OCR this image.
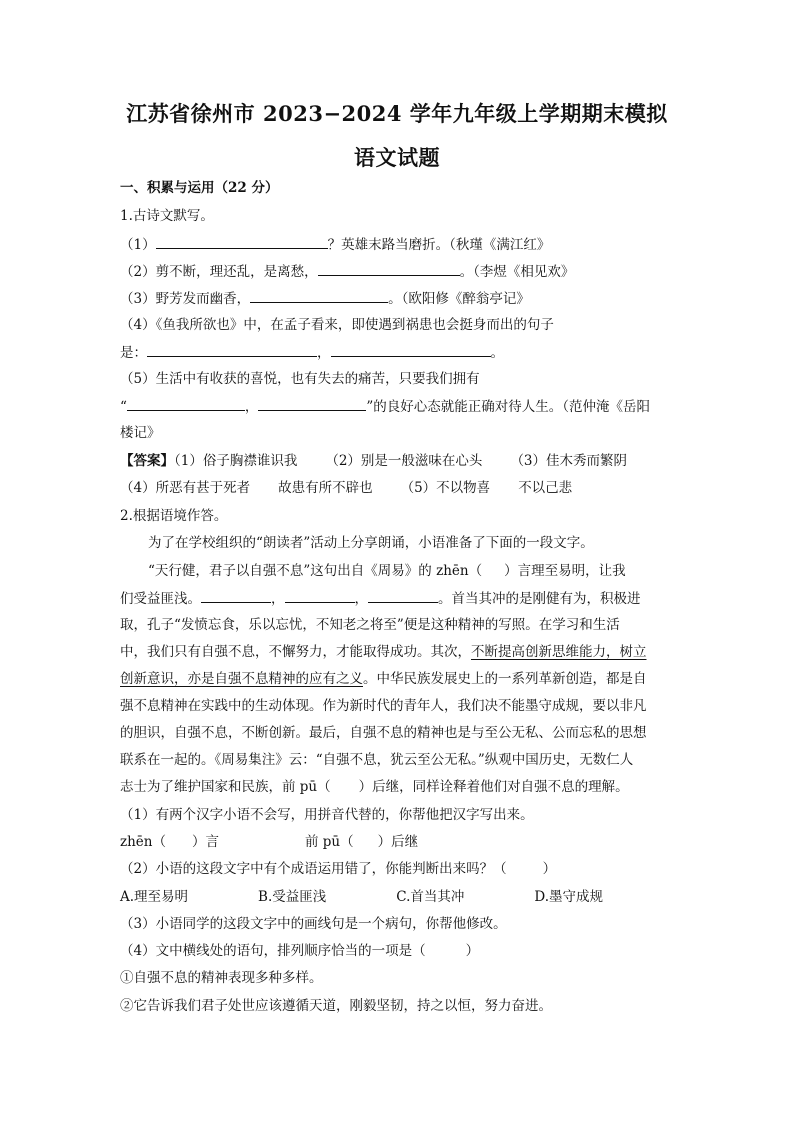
江苏省徐州市 2023−2024 学年九年级上学期期末模拟
语文试题
一、积累与运用（22 分）
1.古诗文默写。
（1）	？英雄末路当磨折。（秋瑾《满江红》
（2）剪不断，理还乱，是离愁，	。（李煜《相见欢》
（3）野芳发而幽香，	。（欧阳修《醉翁亭记》
（4）《鱼我所欲也》中，在孟子看来，即使遇到祸患也会挺身而出的句子
是：	，	。
（5）生活中有收获的喜悦，也有失去的痛苦，只要我们拥有
“	，	”的良好心态就能正确对待人生。（范仲淹《岳阳
楼记》
【答案】（1）俗子胸襟谁识我 （2）别是一般滋味在心头 （3）佳木秀而繁阴
（4）所恶有甚于死者 故患有所不辟也 （5）不以物喜 不以己悲
2.根据语境作答。
为了在学校组织的“朗读者”活动上分享朗诵，小语准备了下面的一段文字。
“天行健，君子以自强不息”这句出自《周易》的 zhēn（ ）言理至易明，让我
们受益匪浅。	，	，	。首当其冲的是刚健有为，积极进
取，孔子“发愤忘食，乐以忘忧，不知老之将至”便是这种精神的写照。在学习和生活
中，我们只有自强不息，不懈努力，才能取得成功。其次，不断提高创新思维能力，树立
创新意识，亦是自强不息精神的应有之义。中华民族发展史上的一系列革新创造，都是自
强不息精神在实践中的生动体现。作为新时代的青年人，我们决不能墨守成规，要以非凡
的胆识，自强不息，不断创新。最后，自强不息的精神也是与至公无私、公而忘私的思想
联系在一起的。《周易集注》云：“自强不息，犹云至公无私。”纵观中国历史，无数仁人
志士为了维护国家和民族，前 pū（ ）后继，同样诠释着他们对自强不息的理解。
（1）有两个汉字小语不会写，用拼音代替的，你帮他把汉字写出来。
zhēn（ ）言	前 pū（ ）后继
（2）小语的这段文字中有个成语运用错了，你能判断出来吗？（	）
A.理至易明	B.受益匪浅	C.首当其冲	D.墨守成规
（3）小语同学的这段文字中的画线句是一个病句，你帮他修改。
（4）文中横线处的语句，排列顺序恰当的一项是（	）
①自强不息的精神表现多种多样。
②它告诉我们君子处世应该遵循天道，刚毅坚韧，持之以恒，努力奋进。
